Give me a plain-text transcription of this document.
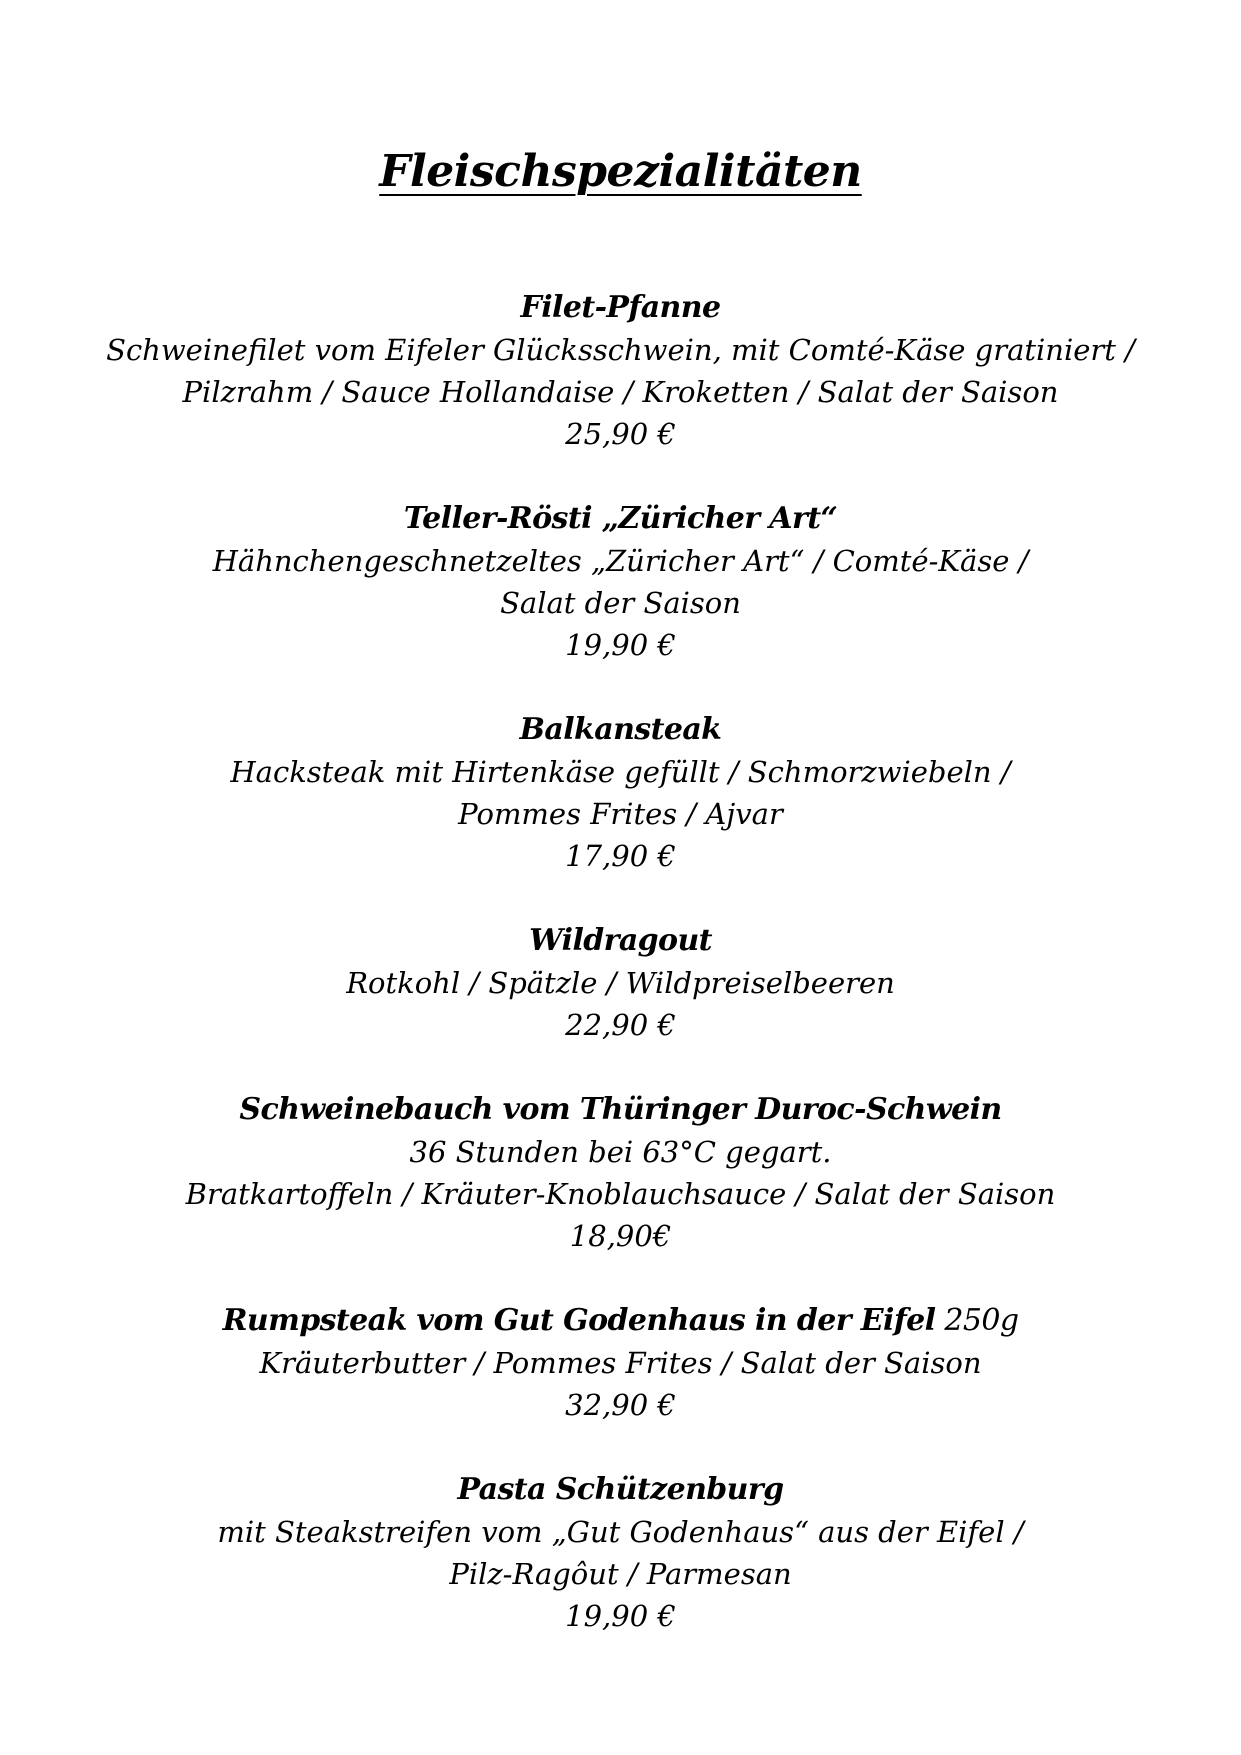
Fleischspezialitäten

Filet-Pfanne

Schweinefilet vom Eifeler Glücksschwein, mit Comté-Käse gratiniert /

Pilzrahm / Sauce Hollandaise / Kroketten / Salat der Saison

25,90 €

Teller-Rösti „Züricher Art“

Hähnchengeschnetzeltes „Züricher Art“ / Comté-Käse /

Salat der Saison

19,90 €

Balkansteak

Hacksteak mit Hirtenkäse gefüllt / Schmorzwiebeln /

Pommes Frites / Ajvar

17,90 €

Wildragout

Rotkohl / Spätzle / Wildpreiselbeeren

22,90 €

Schweinebauch vom Thüringer Duroc-Schwein

36 Stunden bei 63°C gegart.

Bratkartoffeln / Kräuter-Knoblauchsauce / Salat der Saison

18,90€

Rumpsteak vom Gut Godenhaus in der Eifel 250g

Kräuterbutter / Pommes Frites / Salat der Saison

32,90 €

Pasta Schützenburg

mit Steakstreifen vom „Gut Godenhaus“ aus der Eifel /

Pilz-Ragôut / Parmesan

19,90 €
